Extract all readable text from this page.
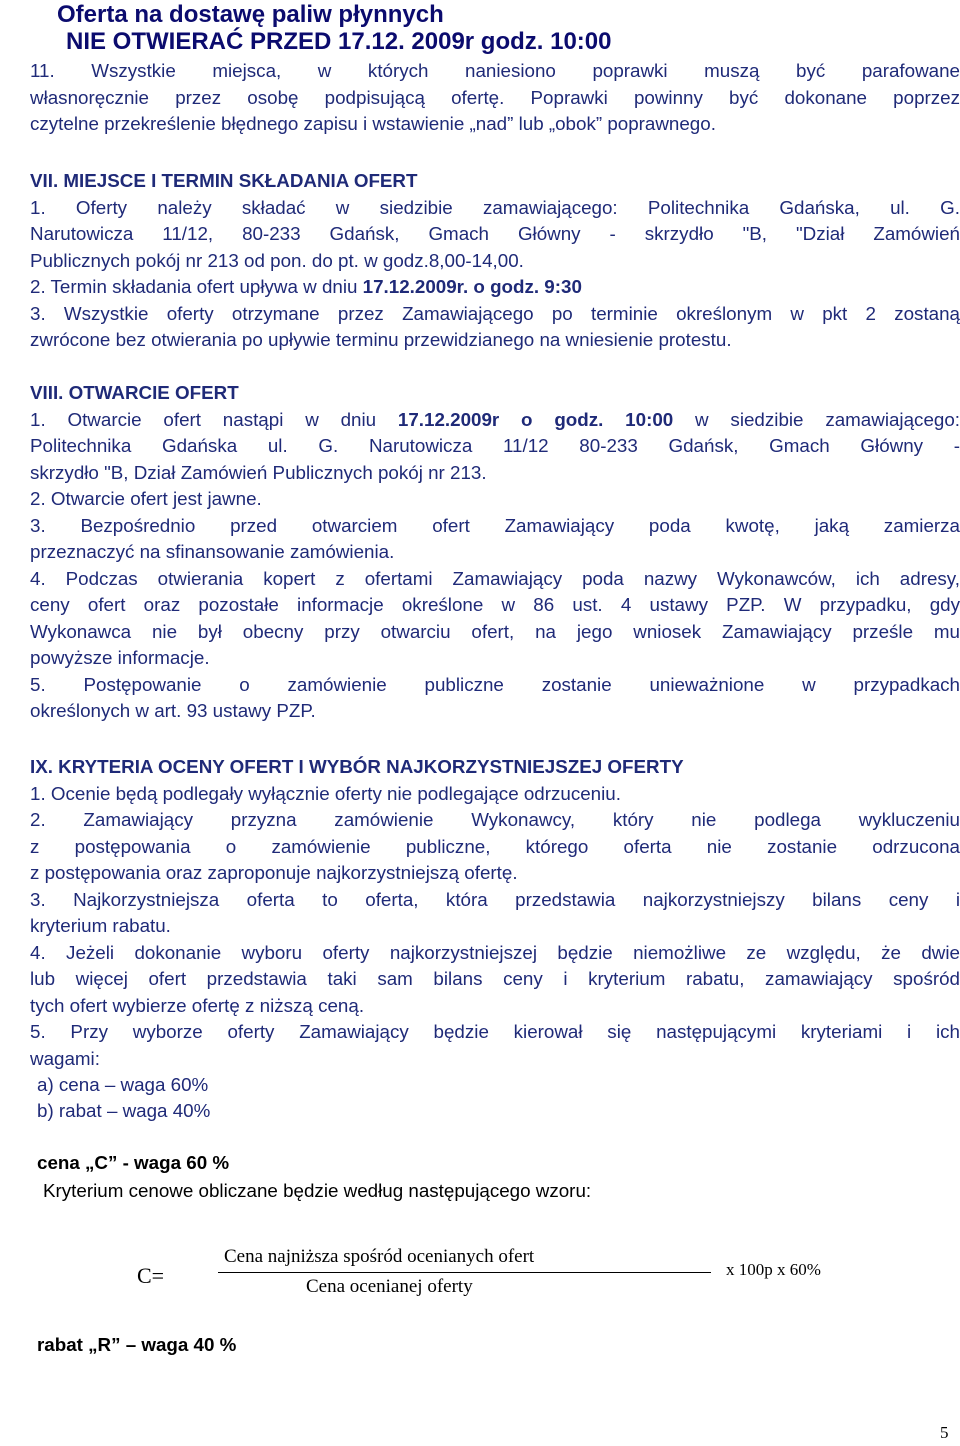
Oferta na dostawę paliw płynnych
NIE OTWIERAĆ PRZED 17.12. 2009r godz. 10:00

11. Wszystkie miejsca, w których naniesiono poprawki muszą być parafowane

własnoręcznie przez osobę podpisującą ofertę. Poprawki powinny być dokonane poprzez

czytelne przekreślenie błędnego zapisu i wstawienie „nad” lub „obok” poprawnego.

VII. MIEJSCE I TERMIN SKŁADANIA OFERT

1. Oferty należy składać w siedzibie zamawiającego: Politechnika Gdańska, ul. G.

Narutowicza 11/12, 80-233 Gdańsk, Gmach Główny - skrzydło "B, "Dział Zamówień

Publicznych pokój nr 213 od pon. do pt. w godz.8,00-14,00.

2. Termin składania ofert upływa w dniu 17.12.2009r. o godz. 9:30

3. Wszystkie oferty otrzymane przez Zamawiającego po terminie określonym w pkt 2 zostaną

zwrócone bez otwierania po upływie terminu przewidzianego na wniesienie protestu.

VIII. OTWARCIE OFERT

1. Otwarcie ofert nastąpi w dniu 17.12.2009r o godz. 10:00 w siedzibie zamawiającego:

Politechnika Gdańska ul. G. Narutowicza 11/12 80-233 Gdańsk, Gmach Główny -

skrzydło "B, Dział Zamówień Publicznych pokój nr 213.

2. Otwarcie ofert jest jawne.

3. Bezpośrednio przed otwarciem ofert Zamawiający poda kwotę, jaką zamierza

przeznaczyć na sfinansowanie zamówienia.

4. Podczas otwierania kopert z ofertami Zamawiający poda nazwy Wykonawców, ich adresy,

ceny ofert oraz pozostałe informacje określone w 86 ust. 4 ustawy PZP. W przypadku, gdy

Wykonawca nie był obecny przy otwarciu ofert, na jego wniosek Zamawiający prześle mu

powyższe informacje.

5. Postępowanie o zamówienie publiczne zostanie unieważnione w przypadkach

określonych w art. 93 ustawy PZP.

IX. KRYTERIA OCENY OFERT I WYBÓR NAJKORZYSTNIEJSZEJ OFERTY

1. Ocenie będą podlegały wyłącznie oferty nie podlegające odrzuceniu.

2. Zamawiający przyzna zamówienie Wykonawcy, który nie podlega wykluczeniu

z postępowania o zamówienie publiczne, którego oferta nie zostanie odrzucona

z postępowania oraz zaproponuje najkorzystniejszą ofertę.

3. Najkorzystniejsza oferta to oferta, która przedstawia najkorzystniejszy bilans ceny i

kryterium rabatu.

4. Jeżeli dokonanie wyboru oferty najkorzystniejszej będzie niemożliwe ze względu, że dwie

lub więcej ofert przedstawia taki sam bilans ceny i kryterium rabatu, zamawiający spośród

tych ofert wybierze ofertę z niższą ceną.

5. Przy wyborze oferty Zamawiający będzie kierował się następującymi kryteriami i ich

wagami:

a) cena – waga 60%
b) rabat – waga 40%
cena „C” - waga 60 %
Kryterium cenowe obliczane będzie według następującego wzoru:
C=
Cena najniższa spośród ocenianych ofert
Cena ocenianej oferty
x 100p x 60%
rabat „R” – waga 40 %
5
